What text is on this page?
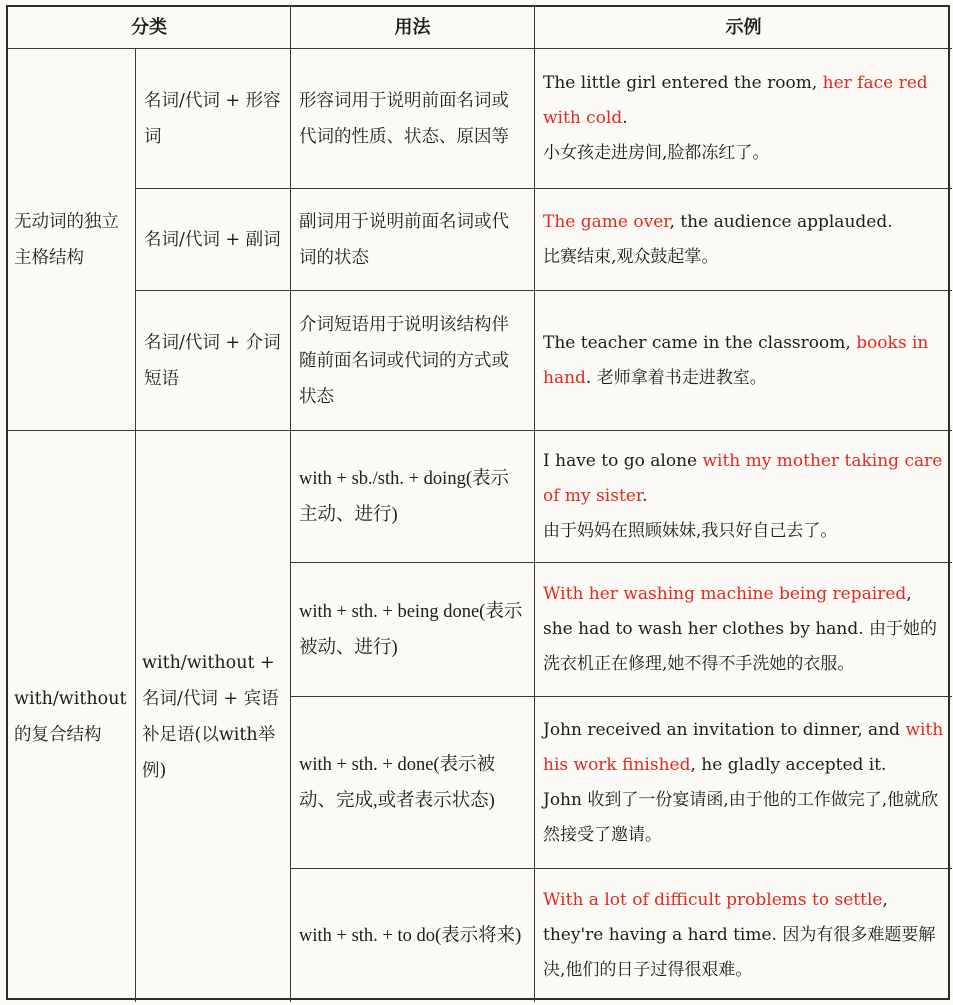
分类	用法	示例
无动词的独立主格结构
名词/代词 + 形容词
形容词用于说明前面名词或代词的性质、状态、原因等
The little girl entered the room, her face red with cold.
小女孩走进房间,脸都冻红了。
名词/代词 + 副词
副词用于说明前面名词或代词的状态
The game over, the audience applauded.
比赛结束,观众鼓起掌。
名词/代词 + 介词短语
介词短语用于说明该结构伴随前面名词或代词的方式或状态
The teacher came in the classroom, books in hand. 老师拿着书走进教室。
with/without的复合结构
with/without + 名词/代词 + 宾语补足语(以with举例)
with + sb./sth. + doing(表示主动、进行)
I have to go alone with my mother taking care of my sister.
由于妈妈在照顾妹妹,我只好自己去了。
with + sth. + being done(表示被动、进行)
With her washing machine being repaired, she had to wash her clothes by hand. 由于她的洗衣机正在修理,她不得不手洗她的衣服。
with + sth. + done(表示被动、完成,或者表示状态)
John received an invitation to dinner, and with his work finished, he gladly accepted it.
John 收到了一份宴请函,由于他的工作做完了,他就欣然接受了邀请。
with + sth. + to do(表示将来)
With a lot of difficult problems to settle, they're having a hard time. 因为有很多难题要解决,他们的日子过得很艰难。
